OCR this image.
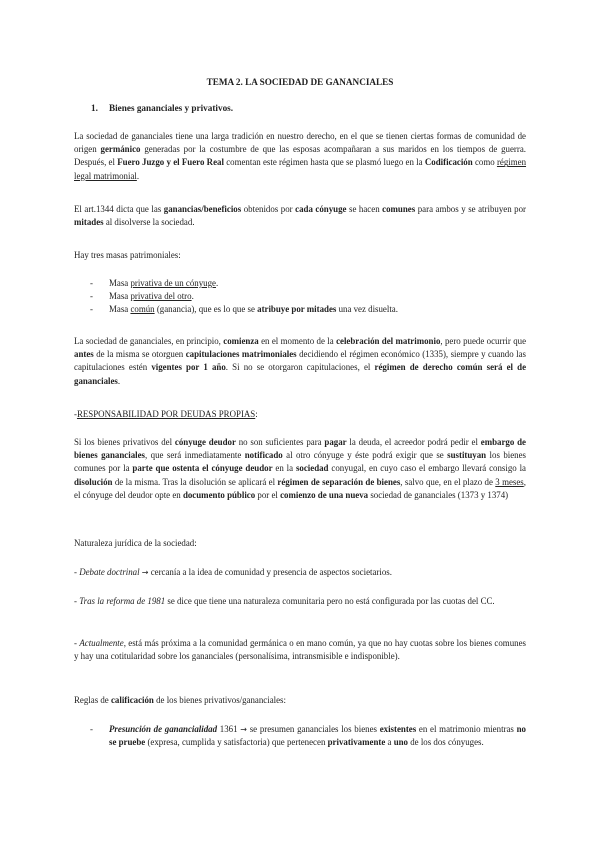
TEMA 2. LA SOCIEDAD DE GANANCIALES
1. Bienes gananciales y privativos.

La sociedad de gananciales tiene una larga tradición en nuestro derecho, en el que se tienen ciertas formas de comunidad de origen germánico generadas por la costumbre de que las esposas acompañaran a sus maridos en los tiempos de guerra. Después, el Fuero Juzgo y el Fuero Real comentan este régimen hasta que se plasmó luego en la Codificación como régimen legal matrimonial.

El art.1344 dicta que las ganancias/beneficios obtenidos por cada cónyuge se hacen comunes para ambos y se atribuyen por mitades al disolverse la sociedad.

Hay tres masas patrimoniales:

- Masa privativa de un cónyuge.
- Masa privativa del otro.
- Masa común (ganancia), que es lo que se atribuye por mitades una vez disuelta.

La sociedad de gananciales, en principio, comienza en el momento de la celebración del matrimonio, pero puede ocurrir que antes de la misma se otorguen capitulaciones matrimoniales decidiendo el régimen económico (1335), siempre y cuando las capitulaciones estén vigentes por 1 año. Si no se otorgaron capitulaciones, el régimen de derecho común será el de gananciales.

-RESPONSABILIDAD POR DEUDAS PROPIAS:

Si los bienes privativos del cónyuge deudor no son suficientes para pagar la deuda, el acreedor podrá pedir el embargo de bienes gananciales, que será inmediatamente notificado al otro cónyuge y éste podrá exigir que se sustituyan los bienes comunes por la parte que ostenta el cónyuge deudor en la sociedad conyugal, en cuyo caso el embargo llevará consigo la disolución de la misma. Tras la disolución se aplicará el régimen de separación de bienes, salvo que, en el plazo de 3 meses, el cónyuge del deudor opte en documento público por el comienzo de una nueva sociedad de gananciales (1373 y 1374)

Naturaleza jurídica de la sociedad:

- Debate doctrinal → cercanía a la idea de comunidad y presencia de aspectos societarios.

- Tras la reforma de 1981 se dice que tiene una naturaleza comunitaria pero no está configurada por las cuotas del CC.

- Actualmente, está más próxima a la comunidad germánica o en mano común, ya que no hay cuotas sobre los bienes comunes y hay una cotitularidad sobre los gananciales (personalísima, intransmisible e indisponible).

Reglas de calificación de los bienes privativos/gananciales:

- Presunción de ganancialidad 1361 → se presumen gananciales los bienes existentes en el matrimonio mientras no se pruebe (expresa, cumplida y satisfactoria) que pertenecen privativamente a uno de los dos cónyuges.
